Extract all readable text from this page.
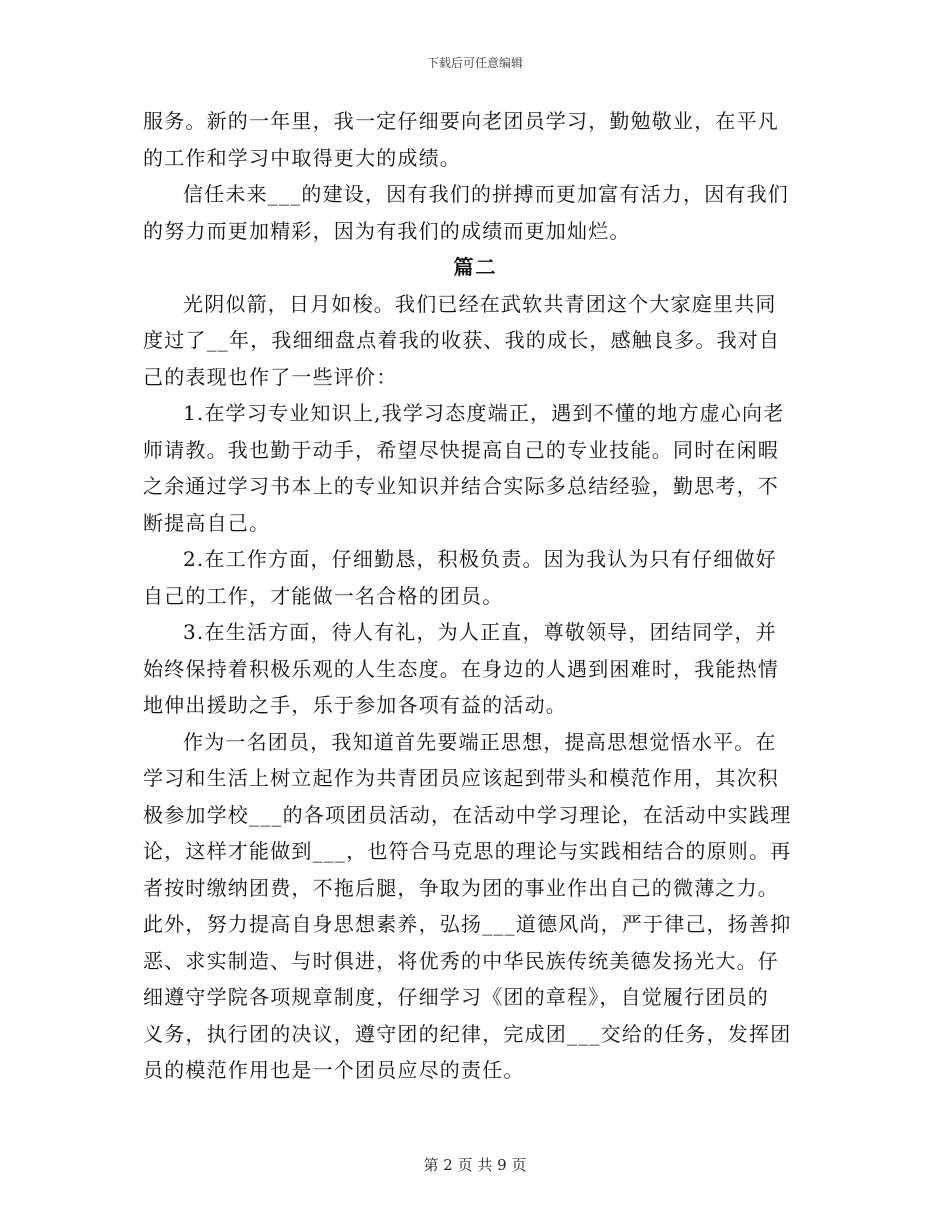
下载后可任意编辑
服务。新的一年里，我一定仔细要向老团员学习，勤勉敬业，在平凡
的工作和学习中取得更大的成绩。
信任未来___的建设，因有我们的拼搏而更加富有活力，因有我们
的努力而更加精彩，因为有我们的成绩而更加灿烂。
篇二
光阴似箭，日月如梭。我们已经在武软共青团这个大家庭里共同
度过了__年，我细细盘点着我的收获、我的成长，感触良多。我对自
己的表现也作了一些评价：
1.在学习专业知识上,我学习态度端正，遇到不懂的地方虚心向老
师请教。我也勤于动手，希望尽快提高自己的专业技能。同时在闲暇
之余通过学习书本上的专业知识并结合实际多总结经验，勤思考，不
断提高自己。
2.在工作方面，仔细勤恳，积极负责。因为我认为只有仔细做好
自己的工作，才能做一名合格的团员。
3.在生活方面，待人有礼，为人正直，尊敬领导，团结同学，并
始终保持着积极乐观的人生态度。在身边的人遇到困难时，我能热情
地伸出援助之手，乐于参加各项有益的活动。
作为一名团员，我知道首先要端正思想，提高思想觉悟水平。在
学习和生活上树立起作为共青团员应该起到带头和模范作用，其次积
极参加学校___的各项团员活动，在活动中学习理论，在活动中实践理
论，这样才能做到___，也符合马克思的理论与实践相结合的原则。再
者按时缴纳团费，不拖后腿，争取为团的事业作出自己的微薄之力。
此外，努力提高自身思想素养，弘扬___道德风尚，严于律己，扬善抑
恶、求实制造、与时俱进，将优秀的中华民族传统美德发扬光大。仔
细遵守学院各项规章制度，仔细学习《团的章程》，自觉履行团员的
义务，执行团的决议，遵守团的纪律，完成团___交给的任务，发挥团
员的模范作用也是一个团员应尽的责任。
第 2 页 共 9 页
